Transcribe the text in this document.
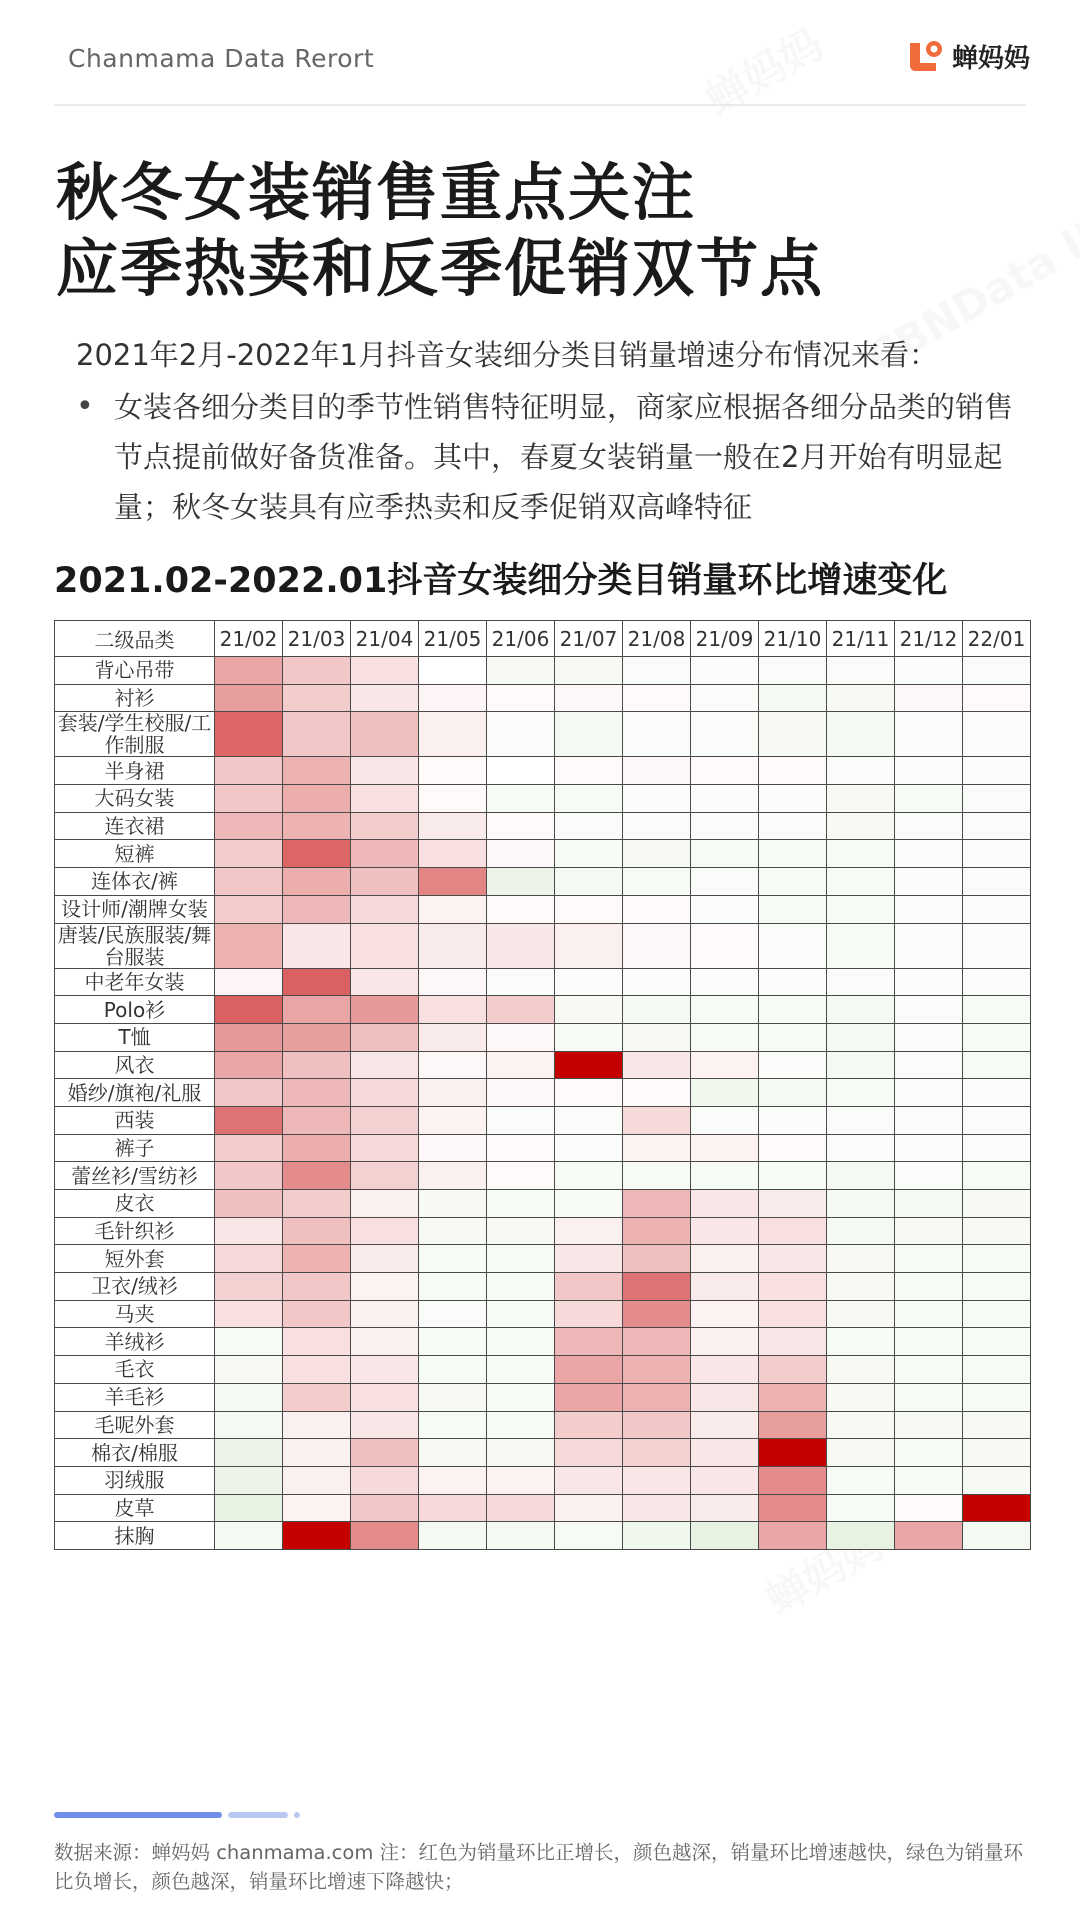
Chanmama Data Rerort	蝉妈妈
秋冬女装销售重点关注
应季热卖和反季促销双节点
2021年2月-2022年1月抖音女装细分类目销量增速分布情况来看：
• 女装各细分类目的季节性销售特征明显，商家应根据各细分品类的销售节点提前做好备货准备。其中，春夏女装销量一般在2月开始有明显起量；秋冬女装具有应季热卖和反季促销双高峰特征
2021.02-2022.01抖音女装细分类目销量环比增速变化
二级品类	21/02	21/03	21/04	21/05	21/06	21/07	21/08	21/09	21/10	21/11	21/12	22/01
背心吊带												
衬衫												
套装/学生校服/工作制服												
半身裙												
大码女装												
连衣裙												
短裤												
连体衣/裤												
设计师/潮牌女装												
唐装/民族服装/舞台服装												
中老年女装												
Polo衫												
T恤												
风衣												
婚纱/旗袍/礼服												
西装												
裤子												
蕾丝衫/雪纺衫												
皮衣												
毛针织衫												
短外套												
卫衣/绒衫												
马夹												
羊绒衫												
毛衣												
羊毛衫												
毛呢外套												
棉衣/棉服												
羽绒服												
皮草												
抹胸												
数据来源：蝉妈妈 chanmama.com 注：红色为销量环比正增长，颜色越深，销量环比增速越快，绿色为销量环比负增长，颜色越深，销量环比增速下降越快；
